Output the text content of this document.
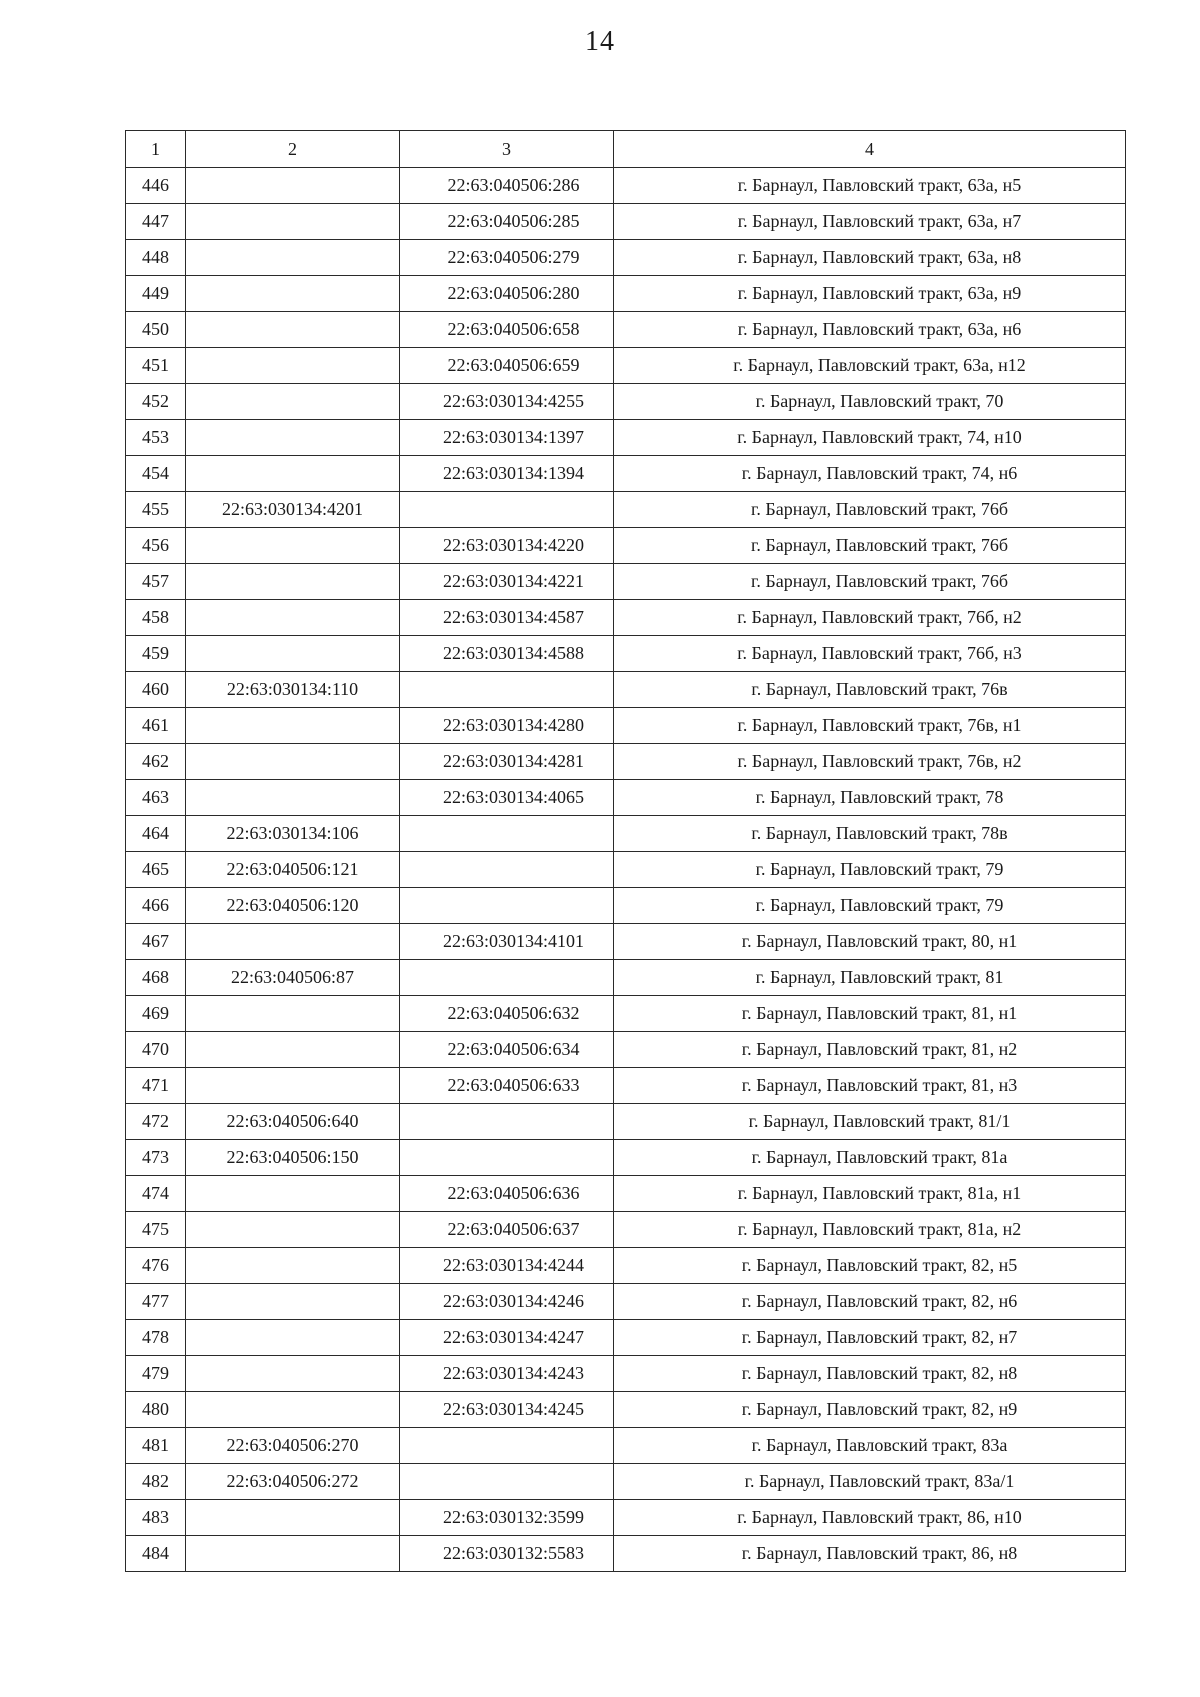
14
1	2	3	4
446		22:63:040506:286	г. Барнаул, Павловский тракт, 63а, н5
447		22:63:040506:285	г. Барнаул, Павловский тракт, 63а, н7
448		22:63:040506:279	г. Барнаул, Павловский тракт, 63а, н8
449		22:63:040506:280	г. Барнаул, Павловский тракт, 63а, н9
450		22:63:040506:658	г. Барнаул, Павловский тракт, 63а, н6
451		22:63:040506:659	г. Барнаул, Павловский тракт, 63а, н12
452		22:63:030134:4255	г. Барнаул, Павловский тракт, 70
453		22:63:030134:1397	г. Барнаул, Павловский тракт, 74, н10
454		22:63:030134:1394	г. Барнаул, Павловский тракт, 74, н6
455	22:63:030134:4201		г. Барнаул, Павловский тракт, 76б
456		22:63:030134:4220	г. Барнаул, Павловский тракт, 76б
457		22:63:030134:4221	г. Барнаул, Павловский тракт, 76б
458		22:63:030134:4587	г. Барнаул, Павловский тракт, 76б, н2
459		22:63:030134:4588	г. Барнаул, Павловский тракт, 76б, н3
460	22:63:030134:110		г. Барнаул, Павловский тракт, 76в
461		22:63:030134:4280	г. Барнаул, Павловский тракт, 76в, н1
462		22:63:030134:4281	г. Барнаул, Павловский тракт, 76в, н2
463		22:63:030134:4065	г. Барнаул, Павловский тракт, 78
464	22:63:030134:106		г. Барнаул, Павловский тракт, 78в
465	22:63:040506:121		г. Барнаул, Павловский тракт, 79
466	22:63:040506:120		г. Барнаул, Павловский тракт, 79
467		22:63:030134:4101	г. Барнаул, Павловский тракт, 80, н1
468	22:63:040506:87		г. Барнаул, Павловский тракт, 81
469		22:63:040506:632	г. Барнаул, Павловский тракт, 81, н1
470		22:63:040506:634	г. Барнаул, Павловский тракт, 81, н2
471		22:63:040506:633	г. Барнаул, Павловский тракт, 81, н3
472	22:63:040506:640		г. Барнаул, Павловский тракт, 81/1
473	22:63:040506:150		г. Барнаул, Павловский тракт, 81а
474		22:63:040506:636	г. Барнаул, Павловский тракт, 81а, н1
475		22:63:040506:637	г. Барнаул, Павловский тракт, 81а, н2
476		22:63:030134:4244	г. Барнаул, Павловский тракт, 82, н5
477		22:63:030134:4246	г. Барнаул, Павловский тракт, 82, н6
478		22:63:030134:4247	г. Барнаул, Павловский тракт, 82, н7
479		22:63:030134:4243	г. Барнаул, Павловский тракт, 82, н8
480		22:63:030134:4245	г. Барнаул, Павловский тракт, 82, н9
481	22:63:040506:270		г. Барнаул, Павловский тракт, 83а
482	22:63:040506:272		г. Барнаул, Павловский тракт, 83а/1
483		22:63:030132:3599	г. Барнаул, Павловский тракт, 86, н10
484		22:63:030132:5583	г. Барнаул, Павловский тракт, 86, н8
